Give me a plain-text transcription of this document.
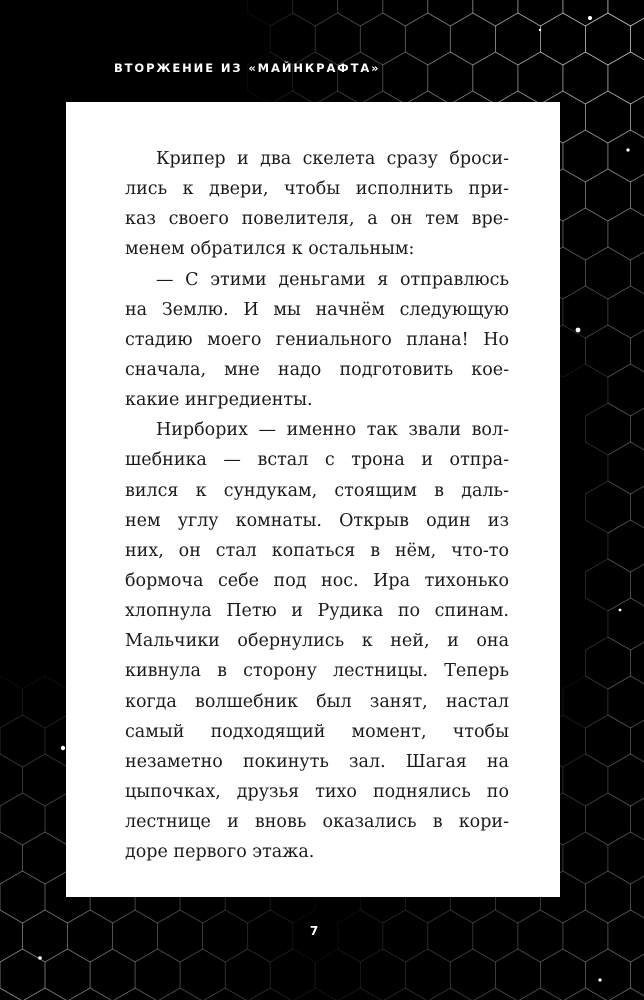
ВТОРЖЕНИЕ ИЗ «МАЙНКРАФТА»
Крипер и два скелета сразу броси-
лись к двери, чтобы исполнить при-
каз своего повелителя, а он тем вре-
менем обратился к остальным:
— С этими деньгами я отправлюсь
на Землю. И мы начнём следующую
стадию моего гениального плана! Но
сначала, мне надо подготовить кое-
какие ингредиенты.
Нирборих — именно так звали вол-
шебника — встал с трона и отпра-
вился к сундукам, стоящим в даль-
нем углу комнаты. Открыв один из
них, он стал копаться в нём, что-то
бормоча себе под нос. Ира тихонько
хлопнула Петю и Рудика по спинам.
Мальчики обернулись к ней, и она
кивнула в сторону лестницы. Теперь
когда волшебник был занят, настал
самый подходящий момент, чтобы
незаметно покинуть зал. Шагая на
цыпочках, друзья тихо поднялись по
лестнице и вновь оказались в кори-
доре первого этажа.
7
